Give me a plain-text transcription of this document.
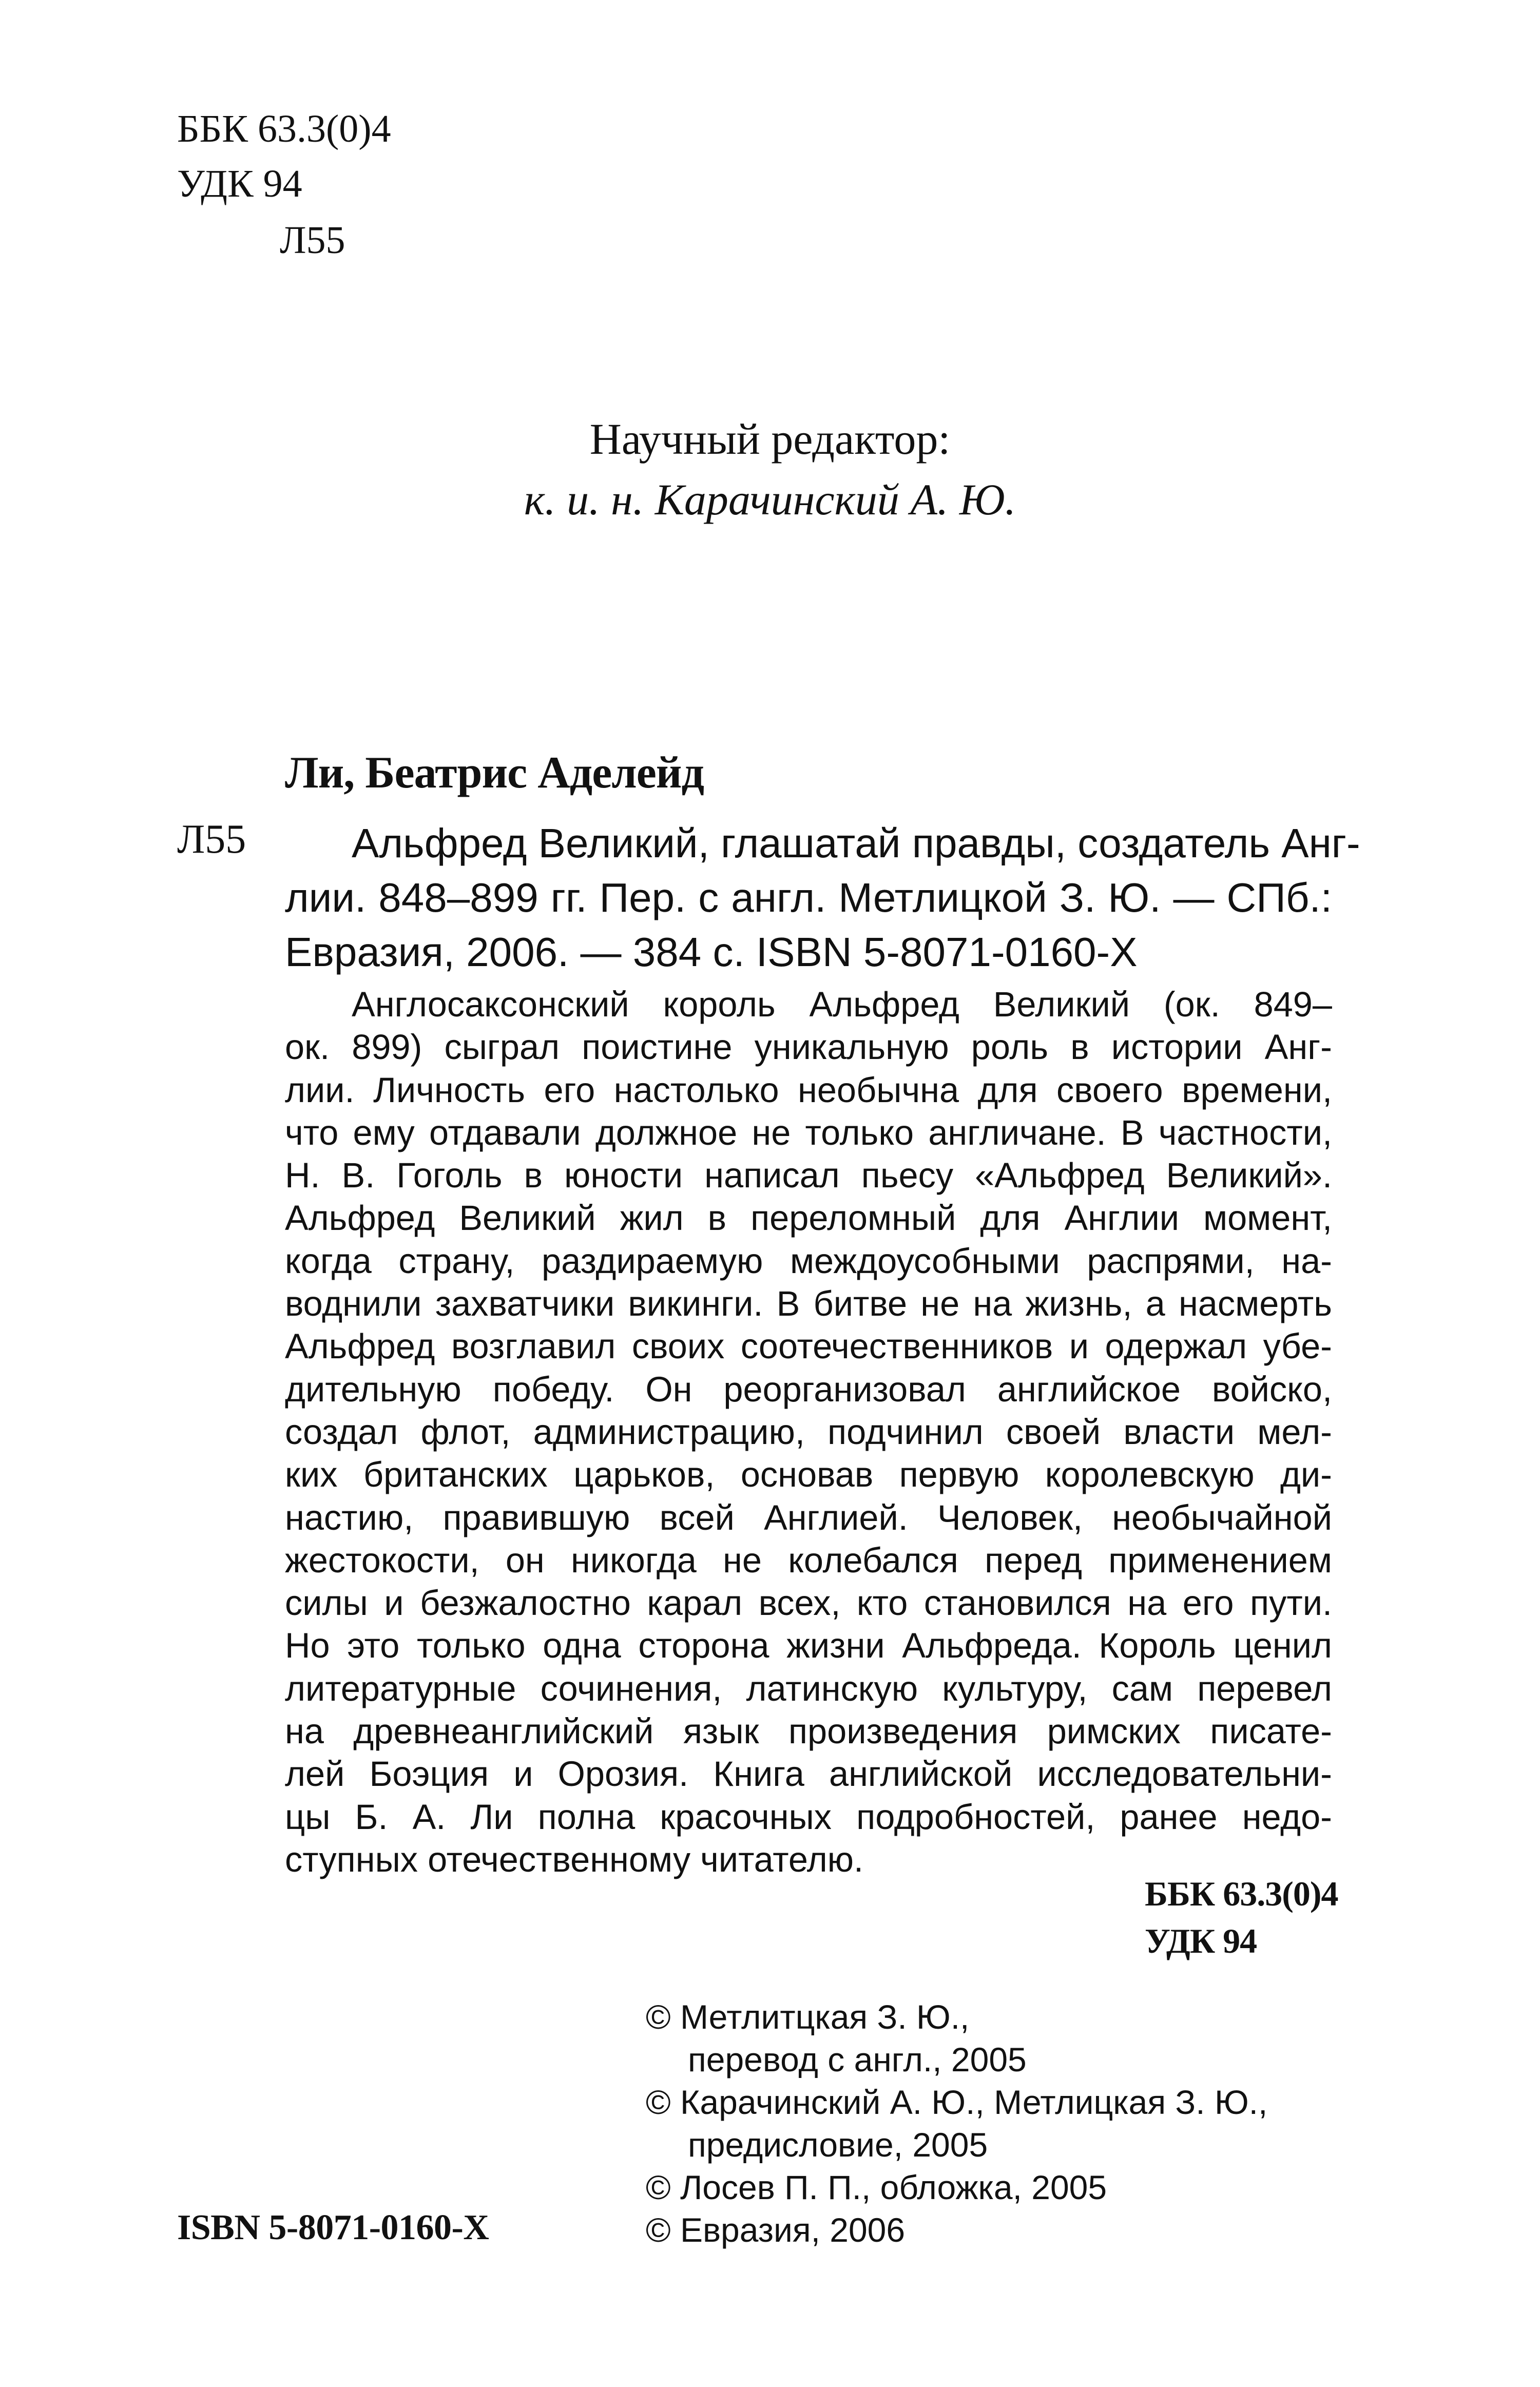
ББК 63.3(0)4
УДК 94
Л55
Научный редактор:
к. и. н. Карачинский А. Ю.
Ли, Беатрис Аделейд
Л55	Альфред Великий, глашатай правды, создатель Анг-
лии. 848–899 гг. Пер. с англ. Метлицкой З. Ю. — СПб.:
Евразия, 2006. — 384 с. ISBN 5-8071-0160-X
Англосаксонский король Альфред Великий (ок. 849–
ок. 899) сыграл поистине уникальную роль в истории Анг-
лии. Личность его настолько необычна для своего времени,
что ему отдавали должное не только англичане. В частности,
Н. В. Гоголь в юности написал пьесу «Альфред Великий».
Альфред Великий жил в переломный для Англии момент,
когда страну, раздираемую междоусобными распрями, на-
воднили захватчики викинги. В битве не на жизнь, а насмерть
Альфред возглавил своих соотечественников и одержал убе-
дительную победу. Он реорганизовал английское войско,
создал флот, администрацию, подчинил своей власти мел-
ких британских царьков, основав первую королевскую ди-
настию, правившую всей Англией. Человек, необычайной
жестокости, он никогда не колебался перед применением
силы и безжалостно карал всех, кто становился на его пути.
Но это только одна сторона жизни Альфреда. Король ценил
литературные сочинения, латинскую культуру, сам перевел
на древнеанглийский язык произведения римских писате-
лей Боэция и Орозия. Книга английской исследовательни-
цы Б. А. Ли полна красочных подробностей, ранее недо-
ступных отечественному читателю.
ББК 63.3(0)4
УДК 94
© Метлитцкая З. Ю.,
перевод с англ., 2005
© Карачинский А. Ю., Метлицкая З. Ю.,
предисловие, 2005
© Лосев П. П., обложка, 2005
© Евразия, 2006
ISBN 5-8071-0160-X
